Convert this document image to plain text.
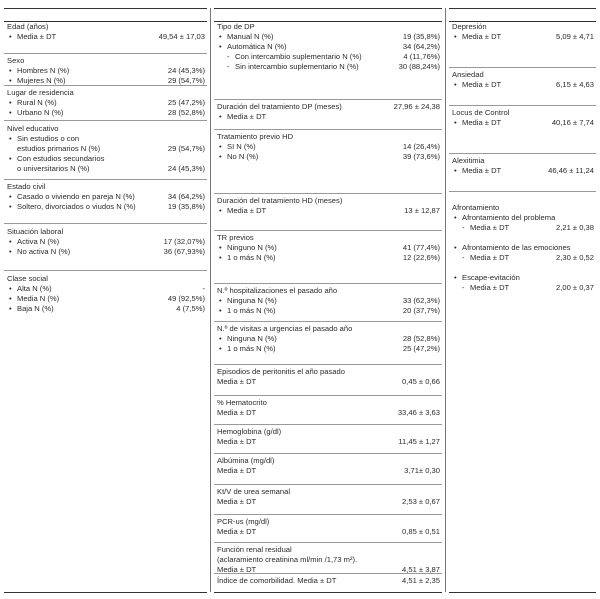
Edad (años)
• Media ± DT	49,54 ± 17,03
Sexo
• Hombres N (%)	24 (45,3%)
• Mujeres N (%)	29 (54,7%)
Lugar de residencia
• Rural N (%)	25 (47,2%)
• Urbano N (%)	28 (52,8%)
Nivel educativo
• Sin estudios o con
estudios primarios N (%)	29 (54,7%)
• Con estudios secundarios
o universitarios N (%)	24 (45,3%)
Estado civil
• Casado o viviendo en pareja N (%)	34 (64,2%)
• Soltero, divorciados o viudos N (%)	19 (35,8%)
Situación laboral
• Activa N (%)	17 (32,07%)
• No activa N (%)	36 (67,93%)
Clase social
• Alta N (%)	-
• Media N (%)	49 (92,5%)
• Baja N (%)	4 (7,5%)
Tipo de DP
• Manual N (%)	19 (35,8%)
• Automática N (%)	34 (64,2%)
- Con intercambio suplementario N (%)	4 (11,76%)
- Sin intercambio suplementario N (%)	30 (88,24%)
Duración del tratamiento DP (meses)	27,96 ± 24,38
• Media ± DT
Tratamiento previo HD
• SI N (%)	14 (26,4%)
• No N (%)	39 (73,6%)
Duración del tratamiento HD (meses)
• Media ± DT	13 ± 12,87
TR previos
• Ninguno N (%)	41 (77,4%)
• 1 o más N (%)	12 (22,6%)
N.º hospitalizaciones el pasado año
• Ninguna N (%)	33 (62,3%)
• 1 o más N (%)	20 (37,7%)
N.º de visitas a urgencias el pasado año
• Ninguna N (%)	28 (52,8%)
• 1 o más N (%)	25 (47,2%)
Episodios de peritonitis el año pasado
Media ± DT	0,45 ± 0,66
% Hematocrito
Media ± DT	33,46 ± 3,63
Hemoglobina (g/dl)
Media ± DT	11,45 ± 1,27
Albúmina (mg/dl)
Media ± DT	3,71± 0,30
Kt/V de urea semanal
Media ± DT	2,53 ± 0,67
PCR-us (mg/dl)
Media ± DT	0,85 ± 0,51
Función renal residual
(aclaramiento creatinina ml/min /1,73 m²).
Media ± DT	4,51 ± 3,87
Índice de comorbilidad. Media ± DT	4,51 ± 2,35
Depresión
• Media ± DT	5,09 ± 4,71
Ansiedad
• Media ± DT	6,15 ± 4,63
Locus de Control
• Media ± DT	40,16 ± 7,74
Alexitimia
• Media ± DT	46,46 ± 11,24
Afrontamiento
• Afrontamiento del problema
- Media ± DT	2,21 ± 0,38
• Afrontamiento de las emociones
- Media ± DT	2,30 ± 0,52
• Escape-evitación
- Media ± DT	2,00 ± 0,37
